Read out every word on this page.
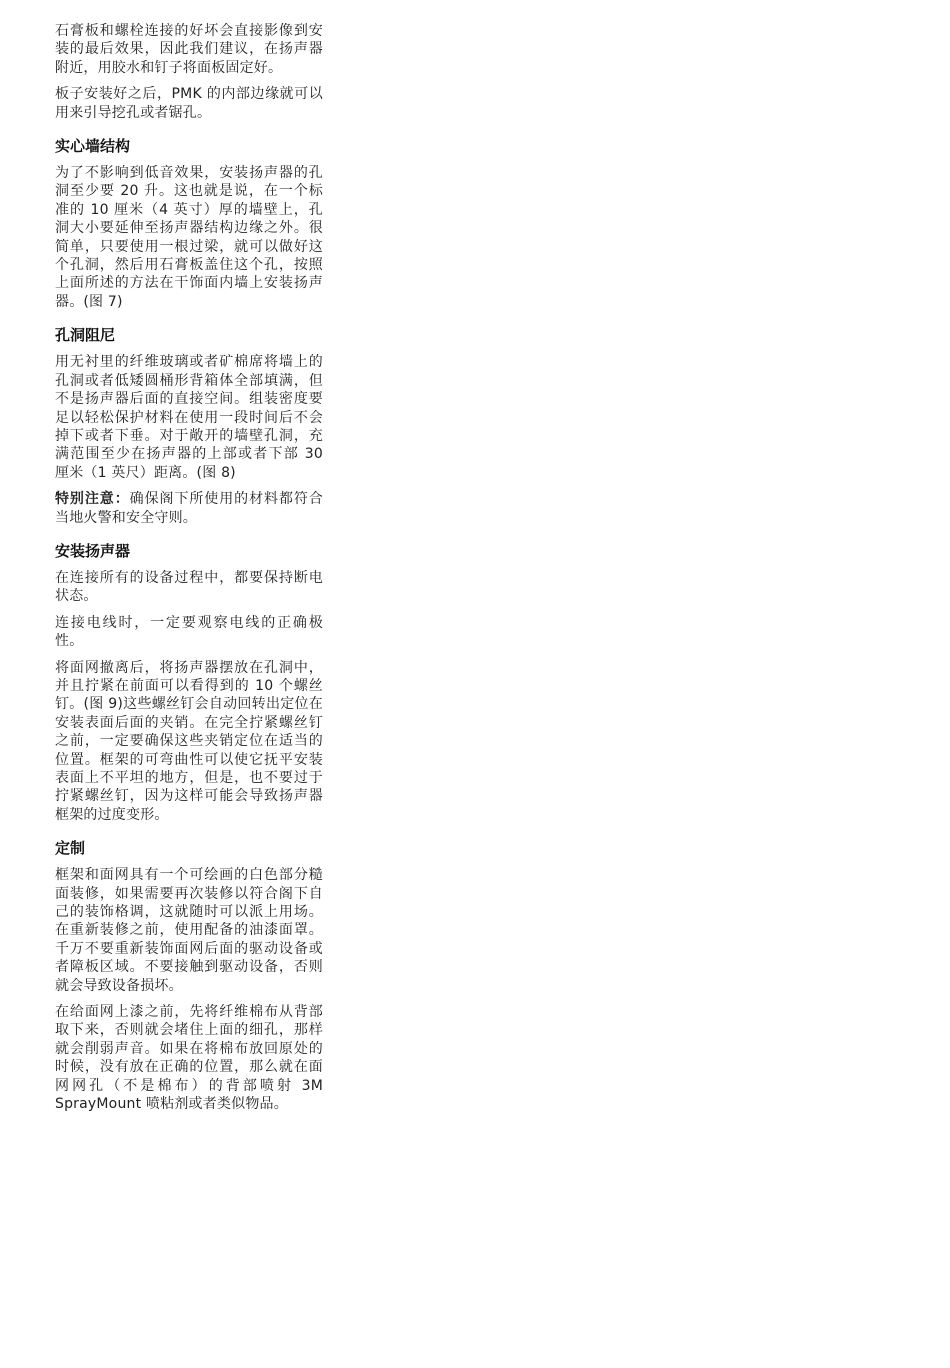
石膏板和螺栓连接的好坏会直接影像到安装的最后效果，因此我们建议，在扬声器附近，用胶水和钉子将面板固定好。

板子安装好之后，PMK 的内部边缘就可以用来引导挖孔或者锯孔。

实心墙结构

为了不影响到低音效果，安装扬声器的孔洞至少要 20 升。这也就是说，在一个标准的 10 厘米（4 英寸）厚的墙壁上，孔洞大小要延伸至扬声器结构边缘之外。很简单，只要使用一根过梁，就可以做好这个孔洞，然后用石膏板盖住这个孔，按照上面所述的方法在干饰面内墙上安装扬声器。(图 7)

孔洞阻尼

用无衬里的纤维玻璃或者矿棉席将墙上的孔洞或者低矮圆桶形背箱体全部填满，但不是扬声器后面的直接空间。组装密度要足以轻松保护材料在使用一段时间后不会掉下或者下垂。对于敞开的墙壁孔洞，充满范围至少在扬声器的上部或者下部 30 厘米（1 英尺）距离。(图 8)

特别注意：确保阁下所使用的材料都符合当地火警和安全守则。

安装扬声器

在连接所有的设备过程中，都要保持断电状态。

连接电线时，一定要观察电线的正确极性。

将面网撤离后，将扬声器摆放在孔洞中，并且拧紧在前面可以看得到的 10 个螺丝钉。(图 9)这些螺丝钉会自动回转出定位在安装表面后面的夹销。在完全拧紧螺丝钉之前，一定要确保这些夹销定位在适当的位置。框架的可弯曲性可以使它抚平安装表面上不平坦的地方，但是，也不要过于拧紧螺丝钉，因为这样可能会导致扬声器框架的过度变形。

定制

框架和面网具有一个可绘画的白色部分糙面装修，如果需要再次装修以符合阁下自己的装饰格调，这就随时可以派上用场。在重新装修之前，使用配备的油漆面罩。千万不要重新装饰面网后面的驱动设备或者障板区域。不要接触到驱动设备，否则就会导致设备损坏。

在给面网上漆之前，先将纤维棉布从背部取下来，否则就会堵住上面的细孔，那样就会削弱声音。如果在将棉布放回原处的时候，没有放在正确的位置，那么就在面网网孔（不是棉布）的背部喷射 3M SprayMount 喷粘剂或者类似物品。
